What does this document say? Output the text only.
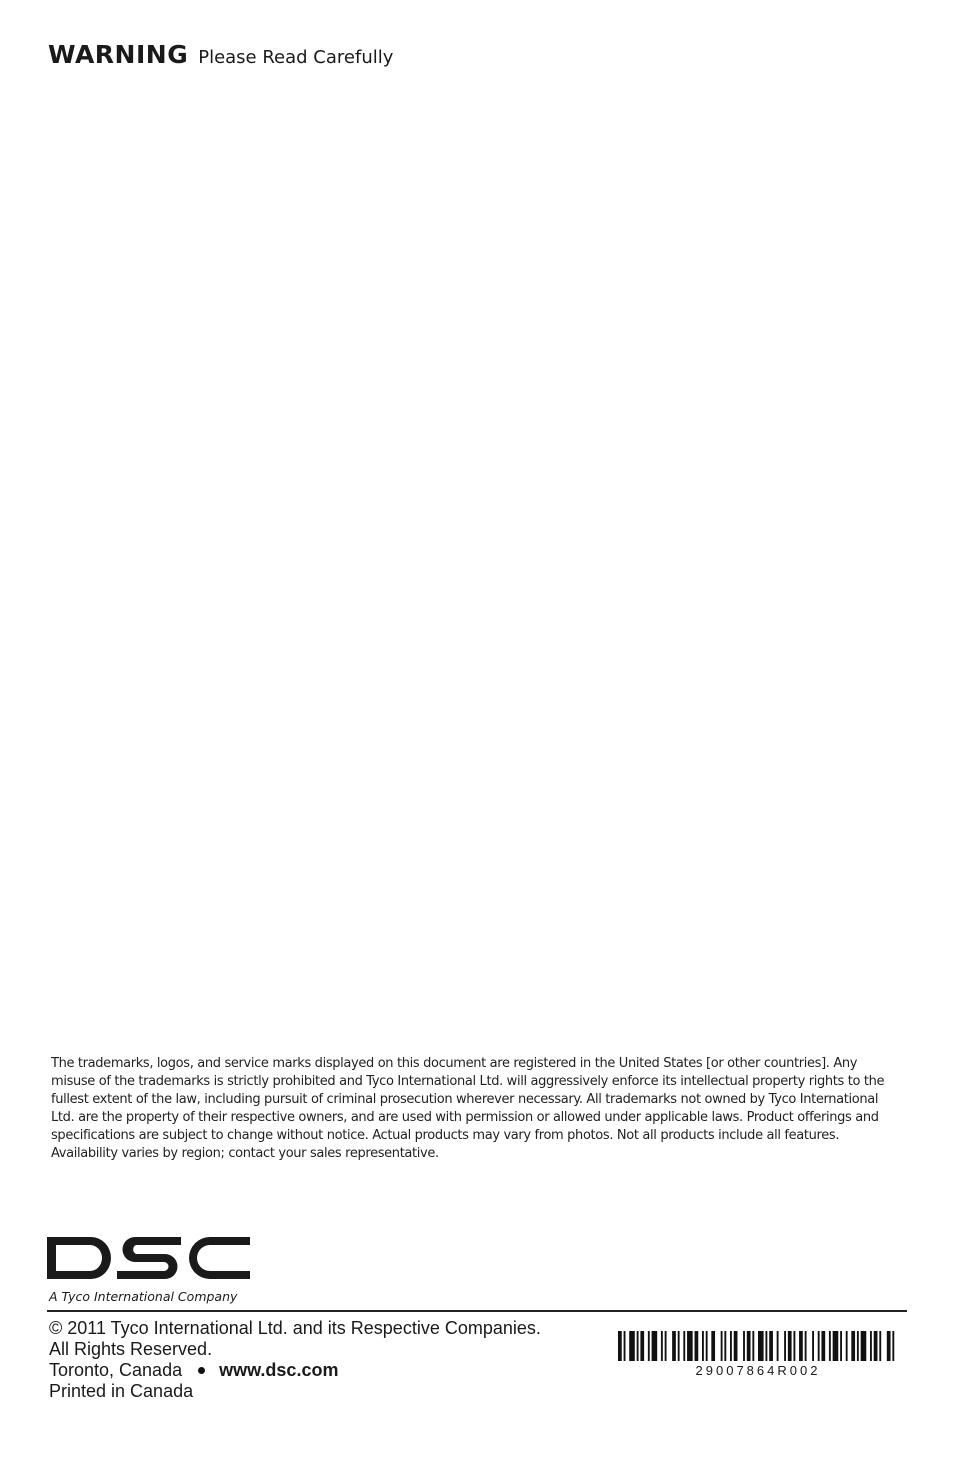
WARNING Please Read Carefully

The trademarks, logos, and service marks displayed on this document are registered in the United States [or other countries]. Any misuse of the trademarks is strictly prohibited and Tyco International Ltd. will aggressively enforce its intellectual property rights to the fullest extent of the law, including pursuit of criminal prosecution wherever necessary. All trademarks not owned by Tyco International Ltd. are the property of their respective owners, and are used with permission or allowed under applicable laws. Product offerings and specifications are subject to change without notice. Actual products may vary from photos. Not all products include all features. Availability varies by region; contact your sales representative.

A Tyco International Company
© 2011 Tyco International Ltd. and its Respective Companies.
All Rights Reserved.
Toronto, Canada www.dsc.com
Printed in Canada
29007864R002
